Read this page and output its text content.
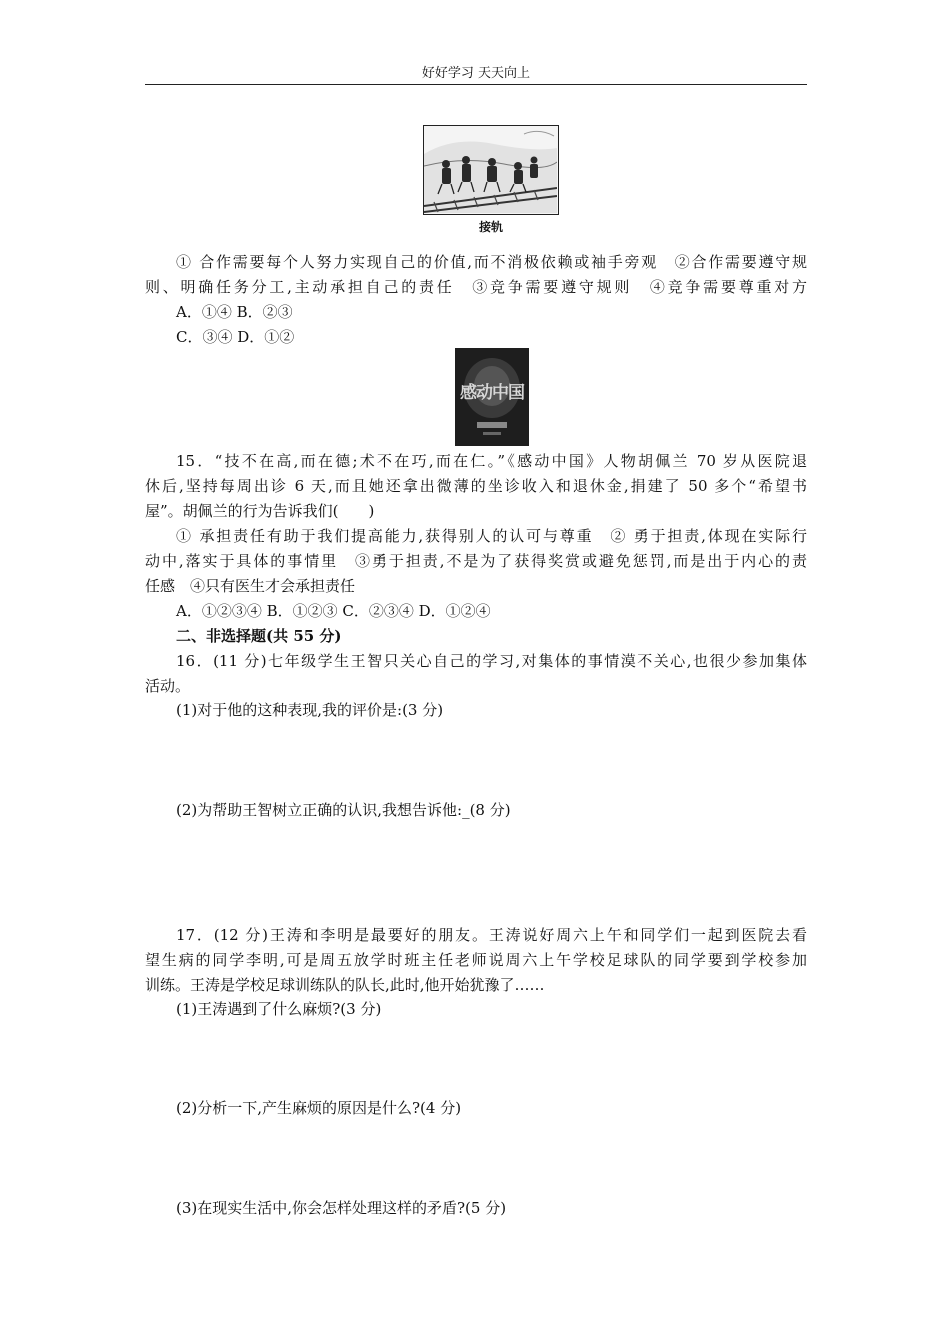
好好学习 天天向上
接轨
① 合作需要每个人努力实现自己的价值,而不消极依赖或袖手旁观　②合作需要遵守规
则、明确任务分工,主动承担自己的责任　③竞争需要遵守规则　④竞争需要尊重对方
A．①④ B．②③
C．③④ D．①②
感动中国
15．“技不在高,而在德;术不在巧,而在仁。”《感动中国》人物胡佩兰 70 岁从医院退
休后,坚持每周出诊 6 天,而且她还拿出微薄的坐诊收入和退休金,捐建了 50 多个“希望书
屋”。胡佩兰的行为告诉我们(　　)
① 承担责任有助于我们提高能力,获得别人的认可与尊重　② 勇于担责,体现在实际行
动中,落实于具体的事情里　③勇于担责,不是为了获得奖赏或避免惩罚,而是出于内心的责
任感　④只有医生才会承担责任
A．①②③④ B．①②③ C．②③④ D．①②④
二、非选择题(共 55 分)
16．(11 分)七年级学生王智只关心自己的学习,对集体的事情漠不关心,也很少参加集体
活动。
(1)对于他的这种表现,我的评价是:(3 分)
(2)为帮助王智树立正确的认识,我想告诉他:_(8 分)
17．(12 分)王涛和李明是最要好的朋友。王涛说好周六上午和同学们一起到医院去看
望生病的同学李明,可是周五放学时班主任老师说周六上午学校足球队的同学要到学校参加
训练。王涛是学校足球训练队的队长,此时,他开始犹豫了……
(1)王涛遇到了什么麻烦?(3 分)
(2)分析一下,产生麻烦的原因是什么?(4 分)
(3)在现实生活中,你会怎样处理这样的矛盾?(5 分)
